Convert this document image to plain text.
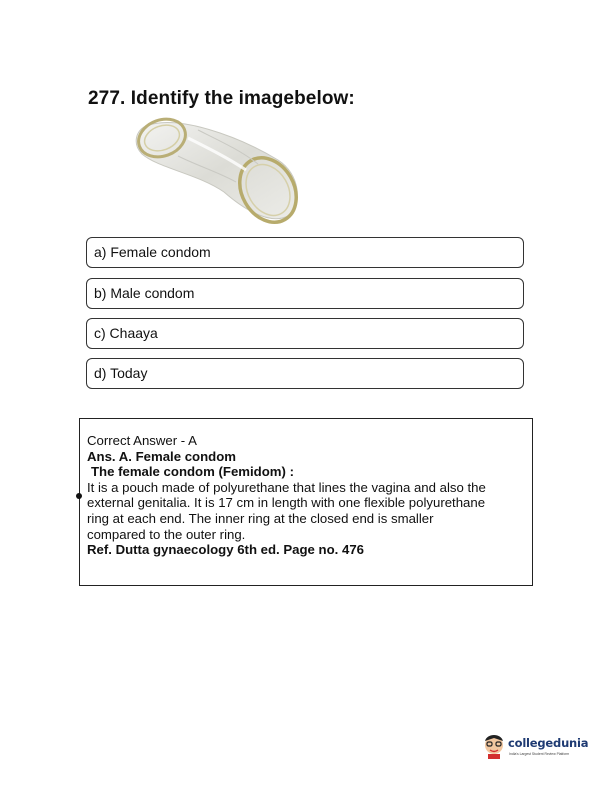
277. Identify the imagebelow:
a) Female condom
b) Male condom
c) Chaaya
d) Today
Correct Answer - A
Ans. A. Female condom
The female condom (Femidom) :
It is a pouch made of polyurethane that lines the vagina and also the
external genitalia. It is 17 cm in length with one flexible polyurethane
ring at each end. The inner ring at the closed end is smaller
compared to the outer ring.
Ref. Dutta gynaecology 6th ed. Page no. 476
collegedunia
India's Largest Student Review Platform
